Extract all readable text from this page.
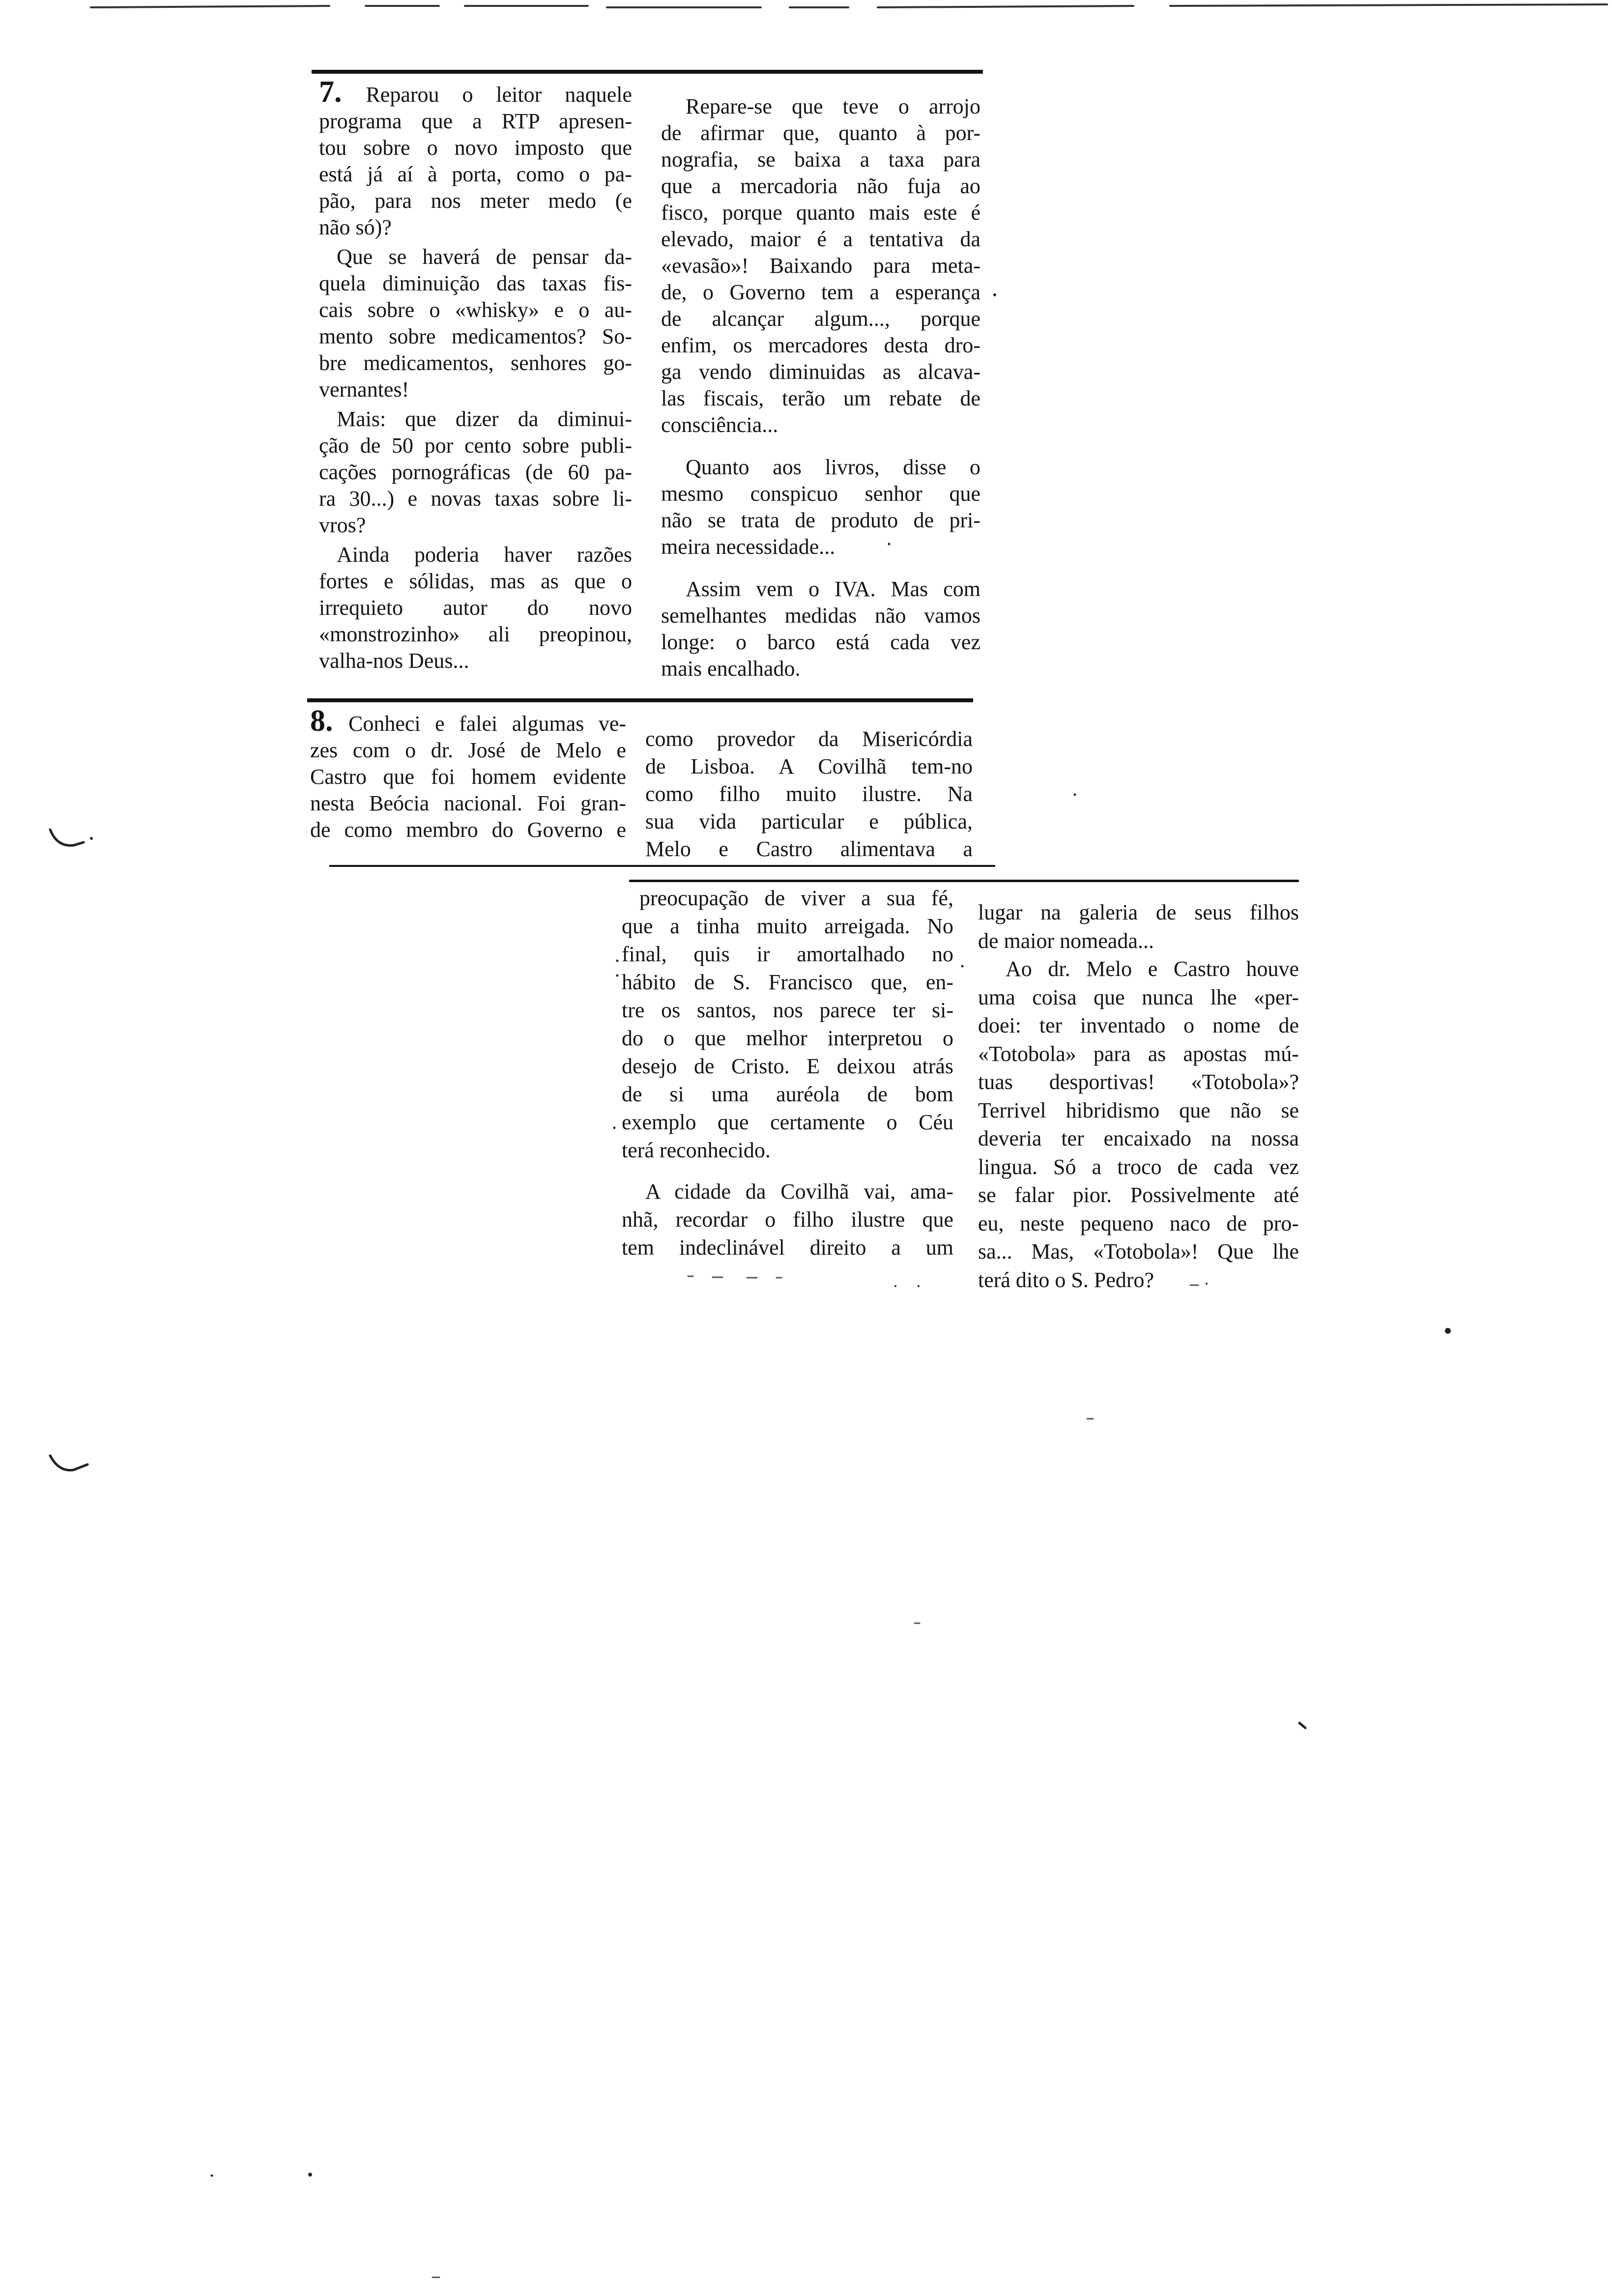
7. Reparou o leitor naquele
programa que a RTP apresen-
tou sobre o novo imposto que
está já aí à porta, como o pa-
pão, para nos meter medo (e
não só)?
Que se haverá de pensar da-
quela diminuição das taxas fis-
cais sobre o «whisky» e o au-
mento sobre medicamentos? So-
bre medicamentos, senhores go-
vernantes!
Mais: que dizer da diminui-
ção de 50 por cento sobre publi-
cações pornográficas (de 60 pa-
ra 30...) e novas taxas sobre li-
vros?
Ainda poderia haver razões
fortes e sólidas, mas as que o
irrequieto autor do novo
«monstrozinho» ali preopinou,
valha-nos Deus...
Repare-se que teve o arrojo
de afirmar que, quanto à por-
nografia, se baixa a taxa para
que a mercadoria não fuja ao
fisco, porque quanto mais este é
elevado, maior é a tentativa da
«evasão»! Baixando para meta-
de, o Governo tem a esperança
de alcançar algum..., porque
enfim, os mercadores desta dro-
ga vendo diminuidas as alcava-
las fiscais, terão um rebate de
consciência...
Quanto aos livros, disse o
mesmo conspicuo senhor que
não se trata de produto de pri-
meira necessidade...
Assim vem o IVA. Mas com
semelhantes medidas não vamos
longe: o barco está cada vez
mais encalhado.
8. Conheci e falei algumas ve-
zes com o dr. José de Melo e
Castro que foi homem evidente
nesta Beócia nacional. Foi gran-
de como membro do Governo e
como provedor da Misericórdia
de Lisboa. A Covilhã tem-no
como filho muito ilustre. Na
sua vida particular e pública,
Melo e Castro alimentava a
preocupação de viver a sua fé,
que a tinha muito arreigada. No
final, quis ir amortalhado no
hábito de S. Francisco que, en-
tre os santos, nos parece ter si-
do o que melhor interpretou o
desejo de Cristo. E deixou atrás
de si uma auréola de bom
exemplo que certamente o Céu
terá reconhecido.
A cidade da Covilhã vai, ama-
nhã, recordar o filho ilustre que
tem indeclinável direito a um
lugar na galeria de seus filhos
de maior nomeada...
Ao dr. Melo e Castro houve
uma coisa que nunca lhe «per-
doei: ter inventado o nome de
«Totobola» para as apostas mú-
tuas desportivas! «Totobola»?
Terrivel hibridismo que não se
deveria ter encaixado na nossa
lingua. Só a troco de cada vez
se falar pior. Possivelmente até
eu, neste pequeno naco de pro-
sa... Mas, «Totobola»! Que lhe
terá dito o S. Pedro?
